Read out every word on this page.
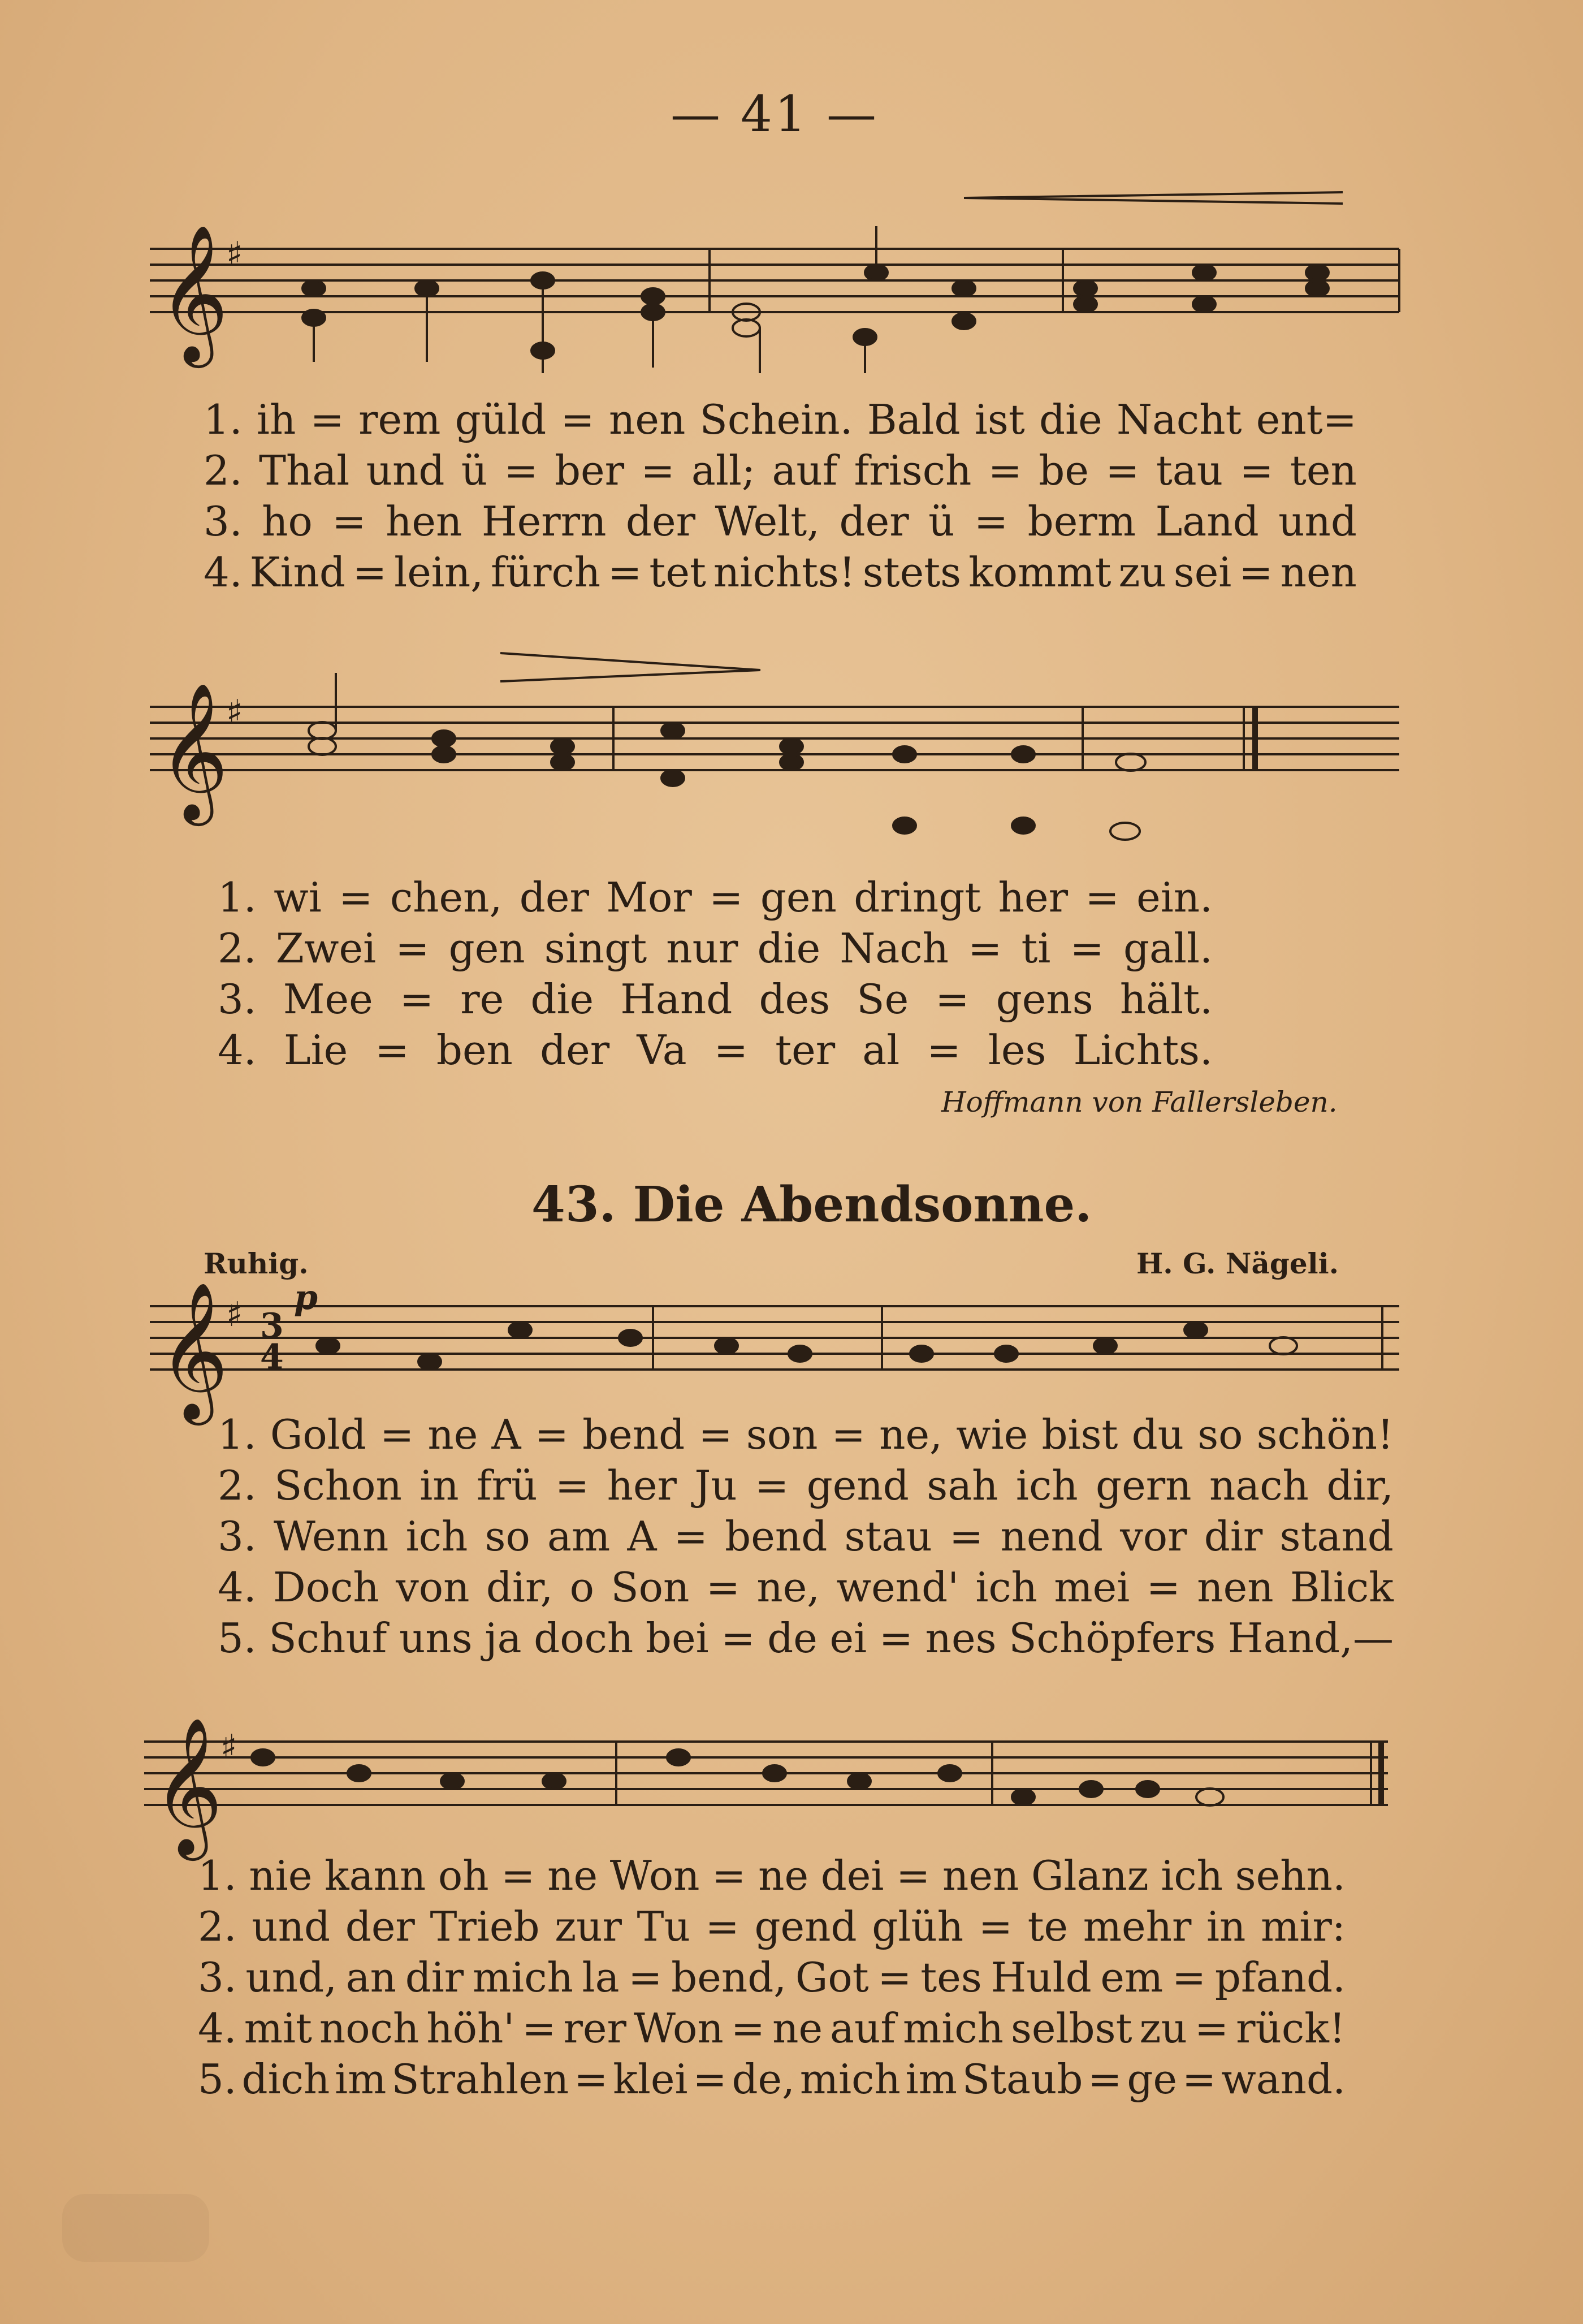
— 41 —
𝄞
𝄞
𝄞
𝄞
♯
♯
♯
♯
3
4
p
1. ih = rem güld = nen Schein. Bald ist die Nacht ent=
2. Thal und ü = ber = all; auf frisch = be = tau = ten
3. ho = hen Herrn der Welt, der ü = berm Land und
4. Kind = lein, fürch = tet nichts! stets kommt zu sei = nen
1. wi = chen, der Mor = gen dringt her = ein.
2. Zwei = gen singt nur die Nach = ti = gall.
3. Mee = re die Hand des Se = gens hält.
4. Lie = ben der Va = ter al = les Lichts.
Hoffmann von Fallersleben.
43. Die Abendsonne.
Ruhig.	H. G. Nägeli.
1. Gold = ne A = bend = son = ne, wie bist du so schön!
2. Schon in frü = her Ju = gend sah ich gern nach dir,
3. Wenn ich so am A = bend stau = nend vor dir stand
4. Doch von dir, o Son = ne, wend' ich mei = nen Blick
5. Schuf uns ja doch bei = de ei = nes Schöpfers Hand,—
1. nie kann oh = ne Won = ne dei = nen Glanz ich sehn.
2. und der Trieb zur Tu = gend glüh = te mehr in mir:
3. und, an dir mich la = bend, Got = tes Huld em = pfand.
4. mit noch höh' = rer Won = ne auf mich selbst zu = rück!
5. dich im Strahlen = klei = de, mich im Staub = ge = wand.
